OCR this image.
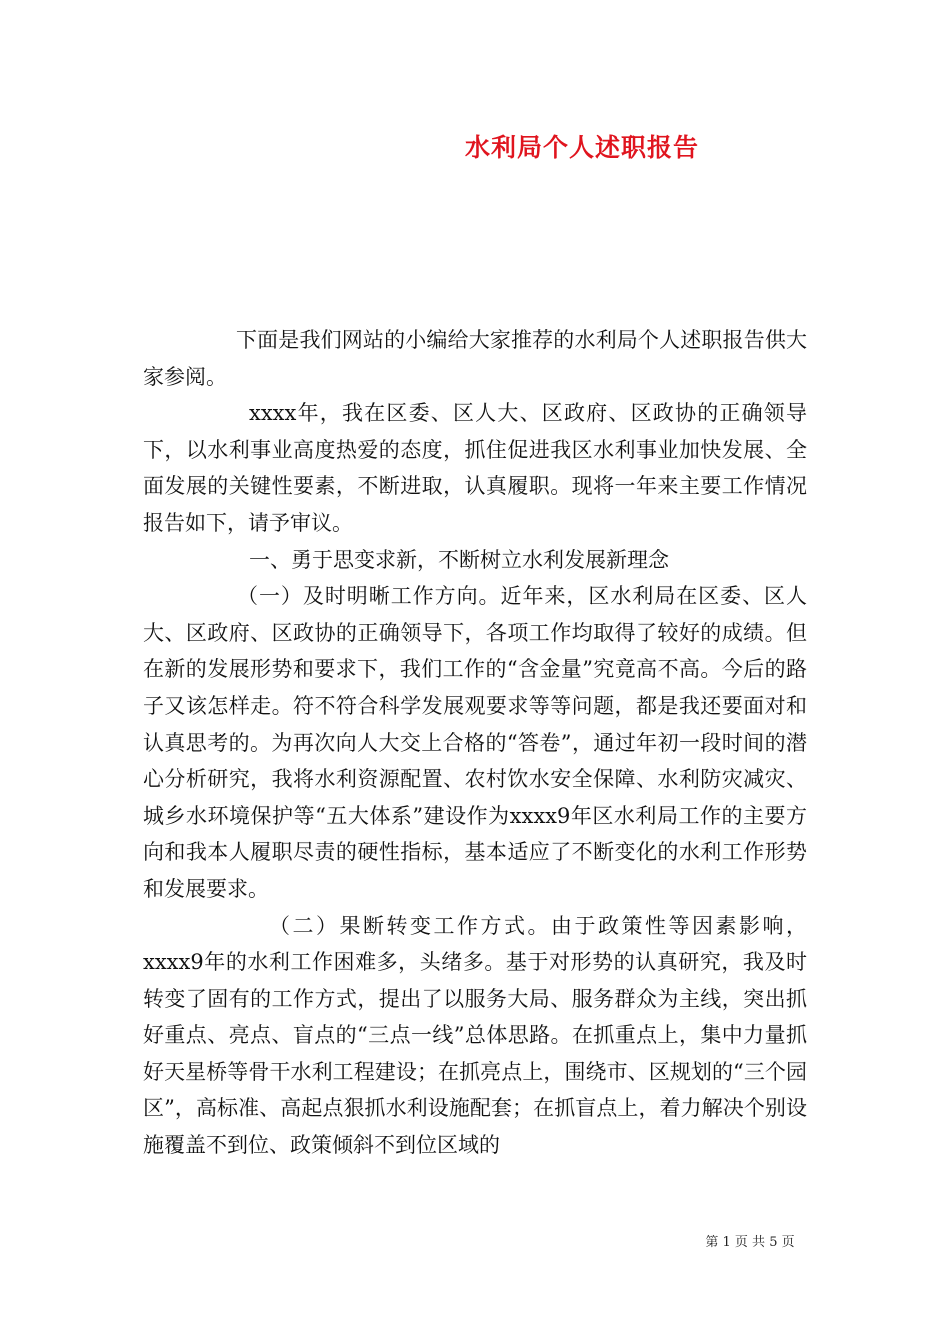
水利局个人述职报告

下面是我们网站的小编给大家推荐的水利局个人述职报告供大家参阅。

xxxx年，我在区委、区人大、区政府、区政协的正确领导下，以水利事业高度热爱的态度，抓住促进我区水利事业加快发展、全面发展的关键性要素，不断进取，认真履职。现将一年来主要工作情况报告如下，请予审议。

一、勇于思变求新，不断树立水利发展新理念

（一）及时明晰工作方向。近年来，区水利局在区委、区人大、区政府、区政协的正确领导下，各项工作均取得了较好的成绩。但在新的发展形势和要求下，我们工作的“含金量”究竟高不高。今后的路子又该怎样走。符不符合科学发展观要求等等问题，都是我还要面对和认真思考的。为再次向人大交上合格的“答卷”，通过年初一段时间的潜心分析研究，我将水利资源配置、农村饮水安全保障、水利防灾减灾、城乡水环境保护等“五大体系”建设作为xxxx9年区水利局工作的主要方向和我本人履职尽责的硬性指标，基本适应了不断变化的水利工作形势和发展要求。

（二）果断转变工作方式。由于政策性等因素影响，xxxx9年的水利工作困难多，头绪多。基于对形势的认真研究，我及时转变了固有的工作方式，提出了以服务大局、服务群众为主线，突出抓好重点、亮点、盲点的“三点一线”总体思路。在抓重点上，集中力量抓好天星桥等骨干水利工程建设；在抓亮点上，围绕市、区规划的“三个园区”，高标准、高起点狠抓水利设施配套；在抓盲点上，着力解决个别设施覆盖不到位、政策倾斜不到位区域的

第 1 页 共 5 页
